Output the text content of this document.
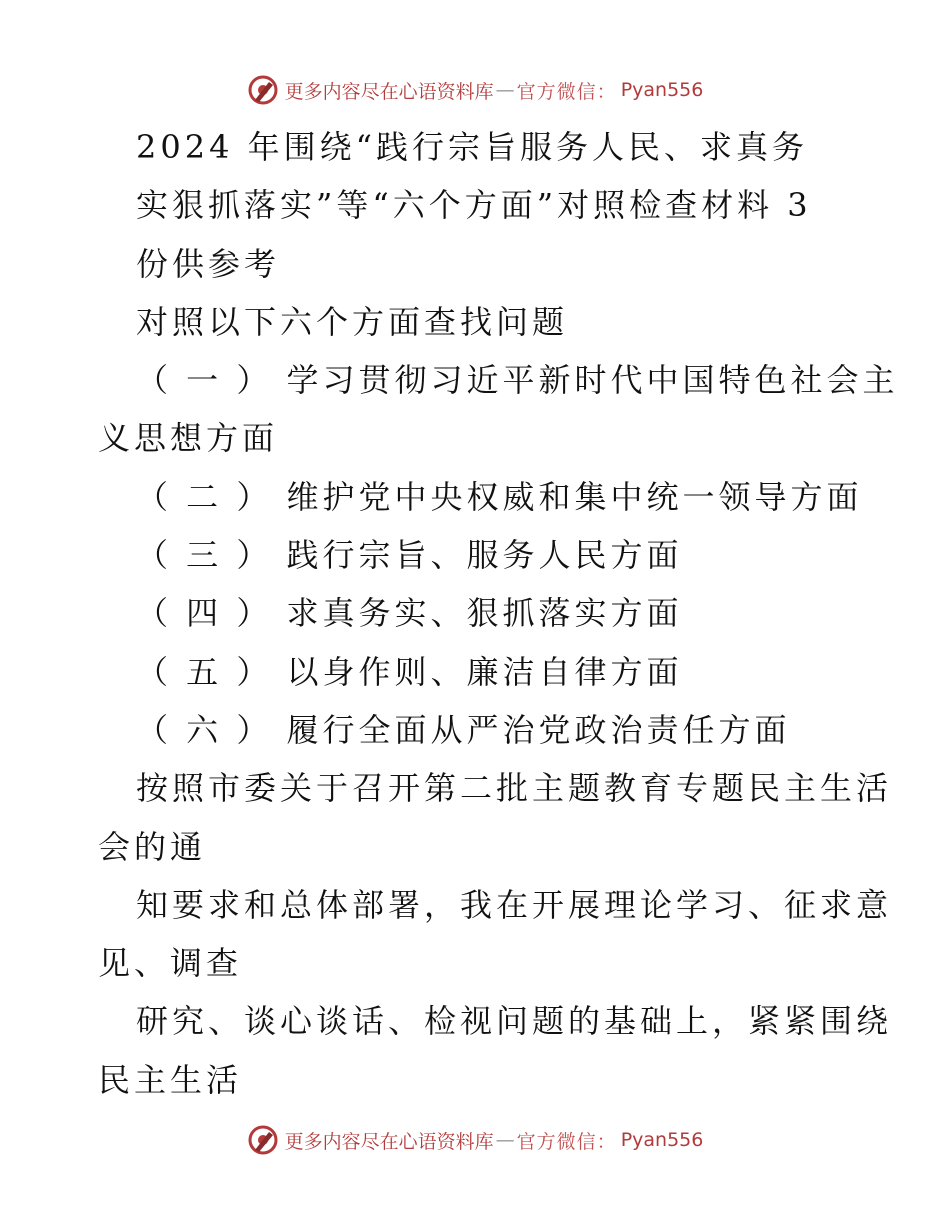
更多内容尽在心语资料库 — 官方微信： Pyan556
2024 年围绕“践行宗旨服务人民、求真务
实狠抓落实”等“六个方面”对照检查材料 3
份供参考
对照以下六个方面查找问题
（ 一 ） 学习贯彻习近平新时代中国特色社会主
义思想方面
（ 二 ） 维护党中央权威和集中统一领导方面
（ 三 ） 践行宗旨、服务人民方面
（ 四 ） 求真务实、狠抓落实方面
（ 五 ） 以身作则、廉洁自律方面
（ 六 ） 履行全面从严治党政治责任方面
按照市委关于召开第二批主题教育专题民主生活
会的通
知要求和总体部署，我在开展理论学习、征求意
见、调查
研究、谈心谈话、检视问题的基础上，紧紧围绕
民主生活
更多内容尽在心语资料库 — 官方微信： Pyan556
